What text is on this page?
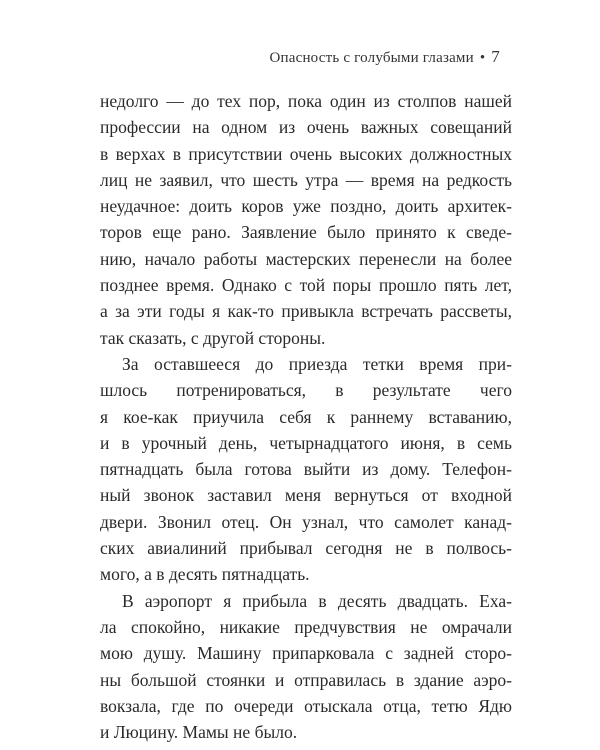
Опасность с голубыми глазами • 7
недолго — до тех пор, пока один из столпов нашей
профессии на одном из очень важных совещаний
в верхах в присутствии очень высоких должностных
лиц не заявил, что шесть утра — время на редкость
неудачное: доить коров уже поздно, доить архитек-
торов еще рано. Заявление было принято к сведе-
нию, начало работы мастерских перенесли на более
позднее время. Однако с той поры прошло пять лет,
а за эти годы я как-то привыкла встречать рассветы,
так сказать, с другой стороны.
За оставшееся до приезда тетки время при-
шлось потренироваться, в результате чего
я кое-как приучила себя к раннему вставанию,
и в урочный день, четырнадцатого июня, в семь
пятнадцать была готова выйти из дому. Телефон-
ный звонок заставил меня вернуться от входной
двери. Звонил отец. Он узнал, что самолет канад-
ских авиалиний прибывал сегодня не в полвось-
мого, а в десять пятнадцать.
В аэропорт я прибыла в десять двадцать. Еха-
ла спокойно, никакие предчувствия не омрачали
мою душу. Машину припарковала с задней сторо-
ны большой стоянки и отправилась в здание аэро-
вокзала, где по очереди отыскала отца, тетю Ядю
и Люцину. Мамы не было.
